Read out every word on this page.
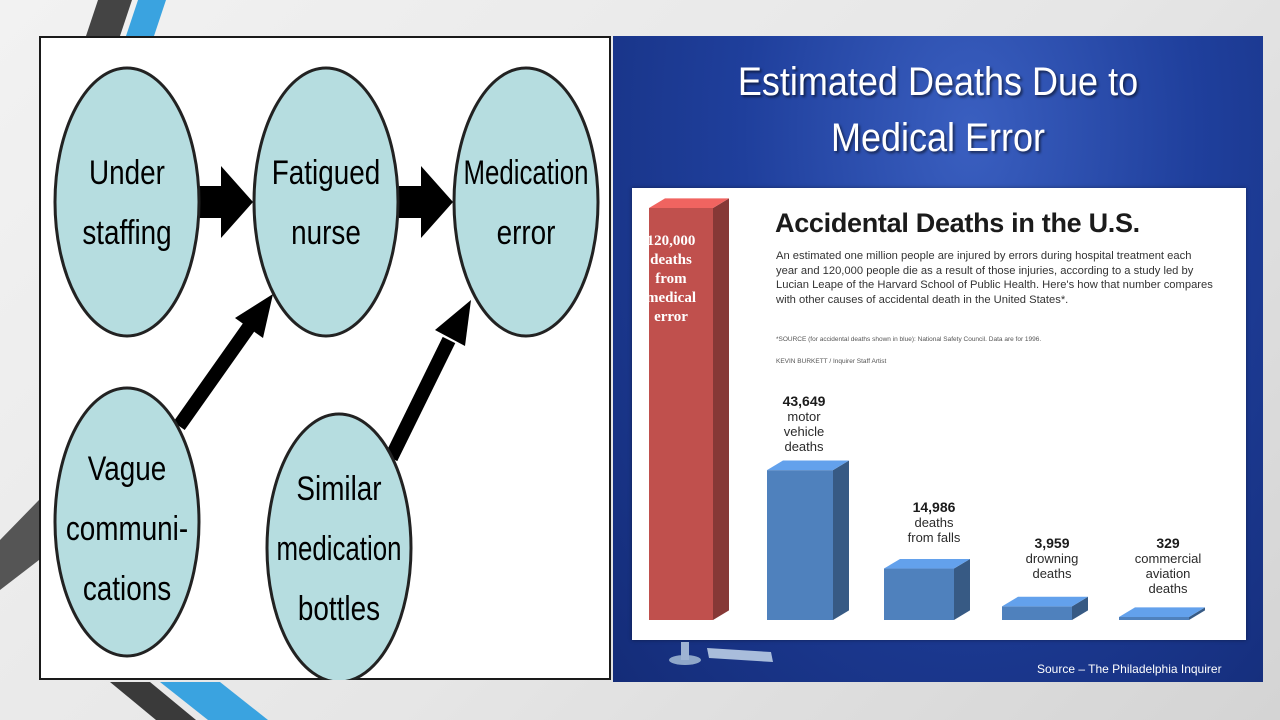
Under
staffing
Fatigued
nurse
Medication
error
Vague
communi-
cations
Similar
medication
bottles
Estimated Deaths Due to
Medical Error
120,000
deaths
from
medical
error
Accidental Deaths in the U.S.
An estimated one million people are injured by errors during hospital treatment each year and 120,000 people die as a result of those injuries, according to a study led by Lucian Leape of the Harvard School of Public Health. Here's how that number compares with other causes of accidental death in the United States*.
*SOURCE (for accidental deaths shown in blue): National Safety Council. Data are for 1996.
KEVIN BURKETT / Inquirer Staff Artist
43,649
motor
vehicle
deaths
14,986
deaths
from falls	3,959
drowning
deaths
329
commercial
aviation
deaths
Source – The Philadelphia Inquirer
